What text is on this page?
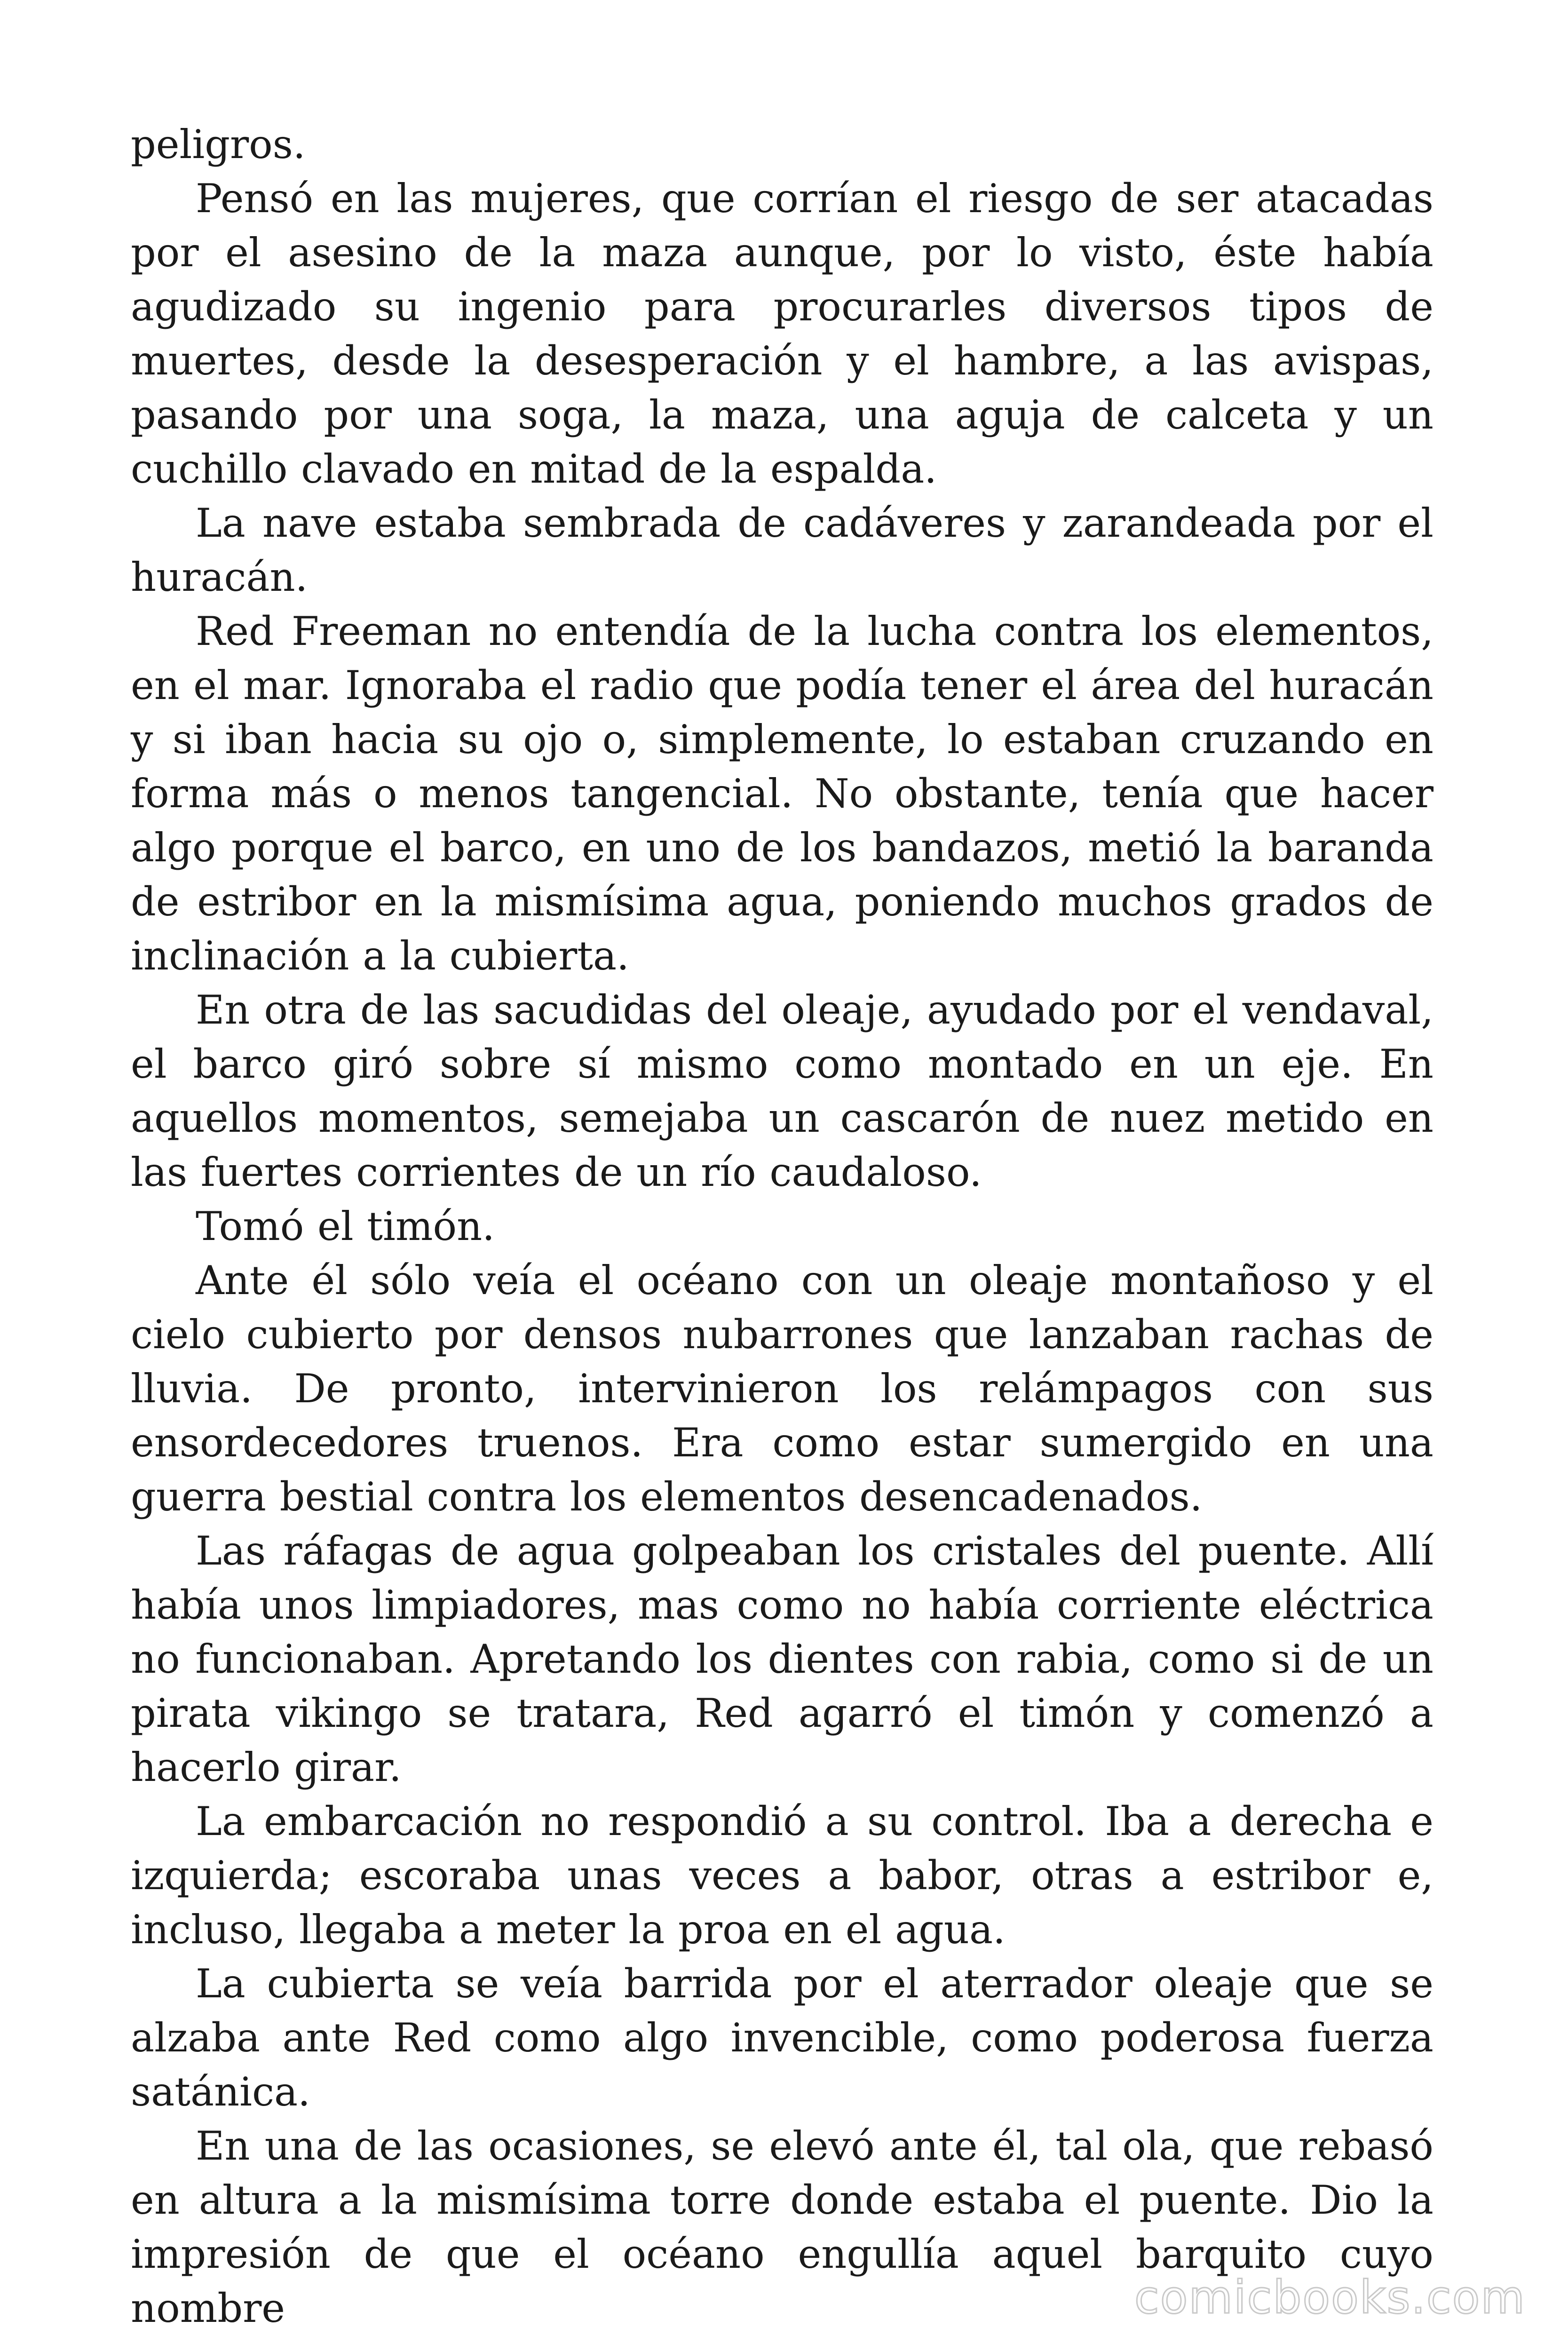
peligros.

Pensó en las mujeres, que corrían el riesgo de ser atacadas por el asesino de la maza aunque, por lo visto, éste había agudizado su ingenio para procurarles diversos tipos de muertes, desde la desesperación y el hambre, a las avispas, pasando por una soga, la maza, una aguja de calceta y un cuchillo clavado en mitad de la espalda.

La nave estaba sembrada de cadáveres y zarandeada por el huracán.

Red Freeman no entendía de la lucha contra los elementos, en el mar. Ignoraba el radio que podía tener el área del huracán y si iban hacia su ojo o, simplemente, lo estaban cruzando en forma más o menos tangencial. No obstante, tenía que hacer algo porque el barco, en uno de los bandazos, metió la baranda de estribor en la mismísima agua, poniendo muchos grados de inclinación a la cubierta.

En otra de las sacudidas del oleaje, ayudado por el vendaval, el barco giró sobre sí mismo como montado en un eje. En aquellos momentos, semejaba un cascarón de nuez metido en las fuertes corrientes de un río caudaloso.

Tomó el timón.

Ante él sólo veía el océano con un oleaje montañoso y el cielo cubierto por densos nubarrones que lanzaban rachas de lluvia. De pronto, intervinieron los relámpagos con sus ensordecedores truenos. Era como estar sumergido en una guerra bestial contra los elementos desencadenados.

Las ráfagas de agua golpeaban los cristales del puente. Allí había unos limpiadores, mas como no había corriente eléctrica no funcionaban. Apretando los dientes con rabia, como si de un pirata vikingo se tratara, Red agarró el timón y comenzó a hacerlo girar.

La embarcación no respondió a su control. Iba a derecha e izquierda; escoraba unas veces a babor, otras a estribor e, incluso, llegaba a meter la proa en el agua.

La cubierta se veía barrida por el aterrador oleaje que se alzaba ante Red como algo invencible, como poderosa fuerza satánica.

En una de las ocasiones, se elevó ante él, tal ola, que rebasó en altura a la mismísima torre donde estaba el puente. Dio la impresión de que el océano engullía aquel barquito cuyo nombre	comicbooks.com
